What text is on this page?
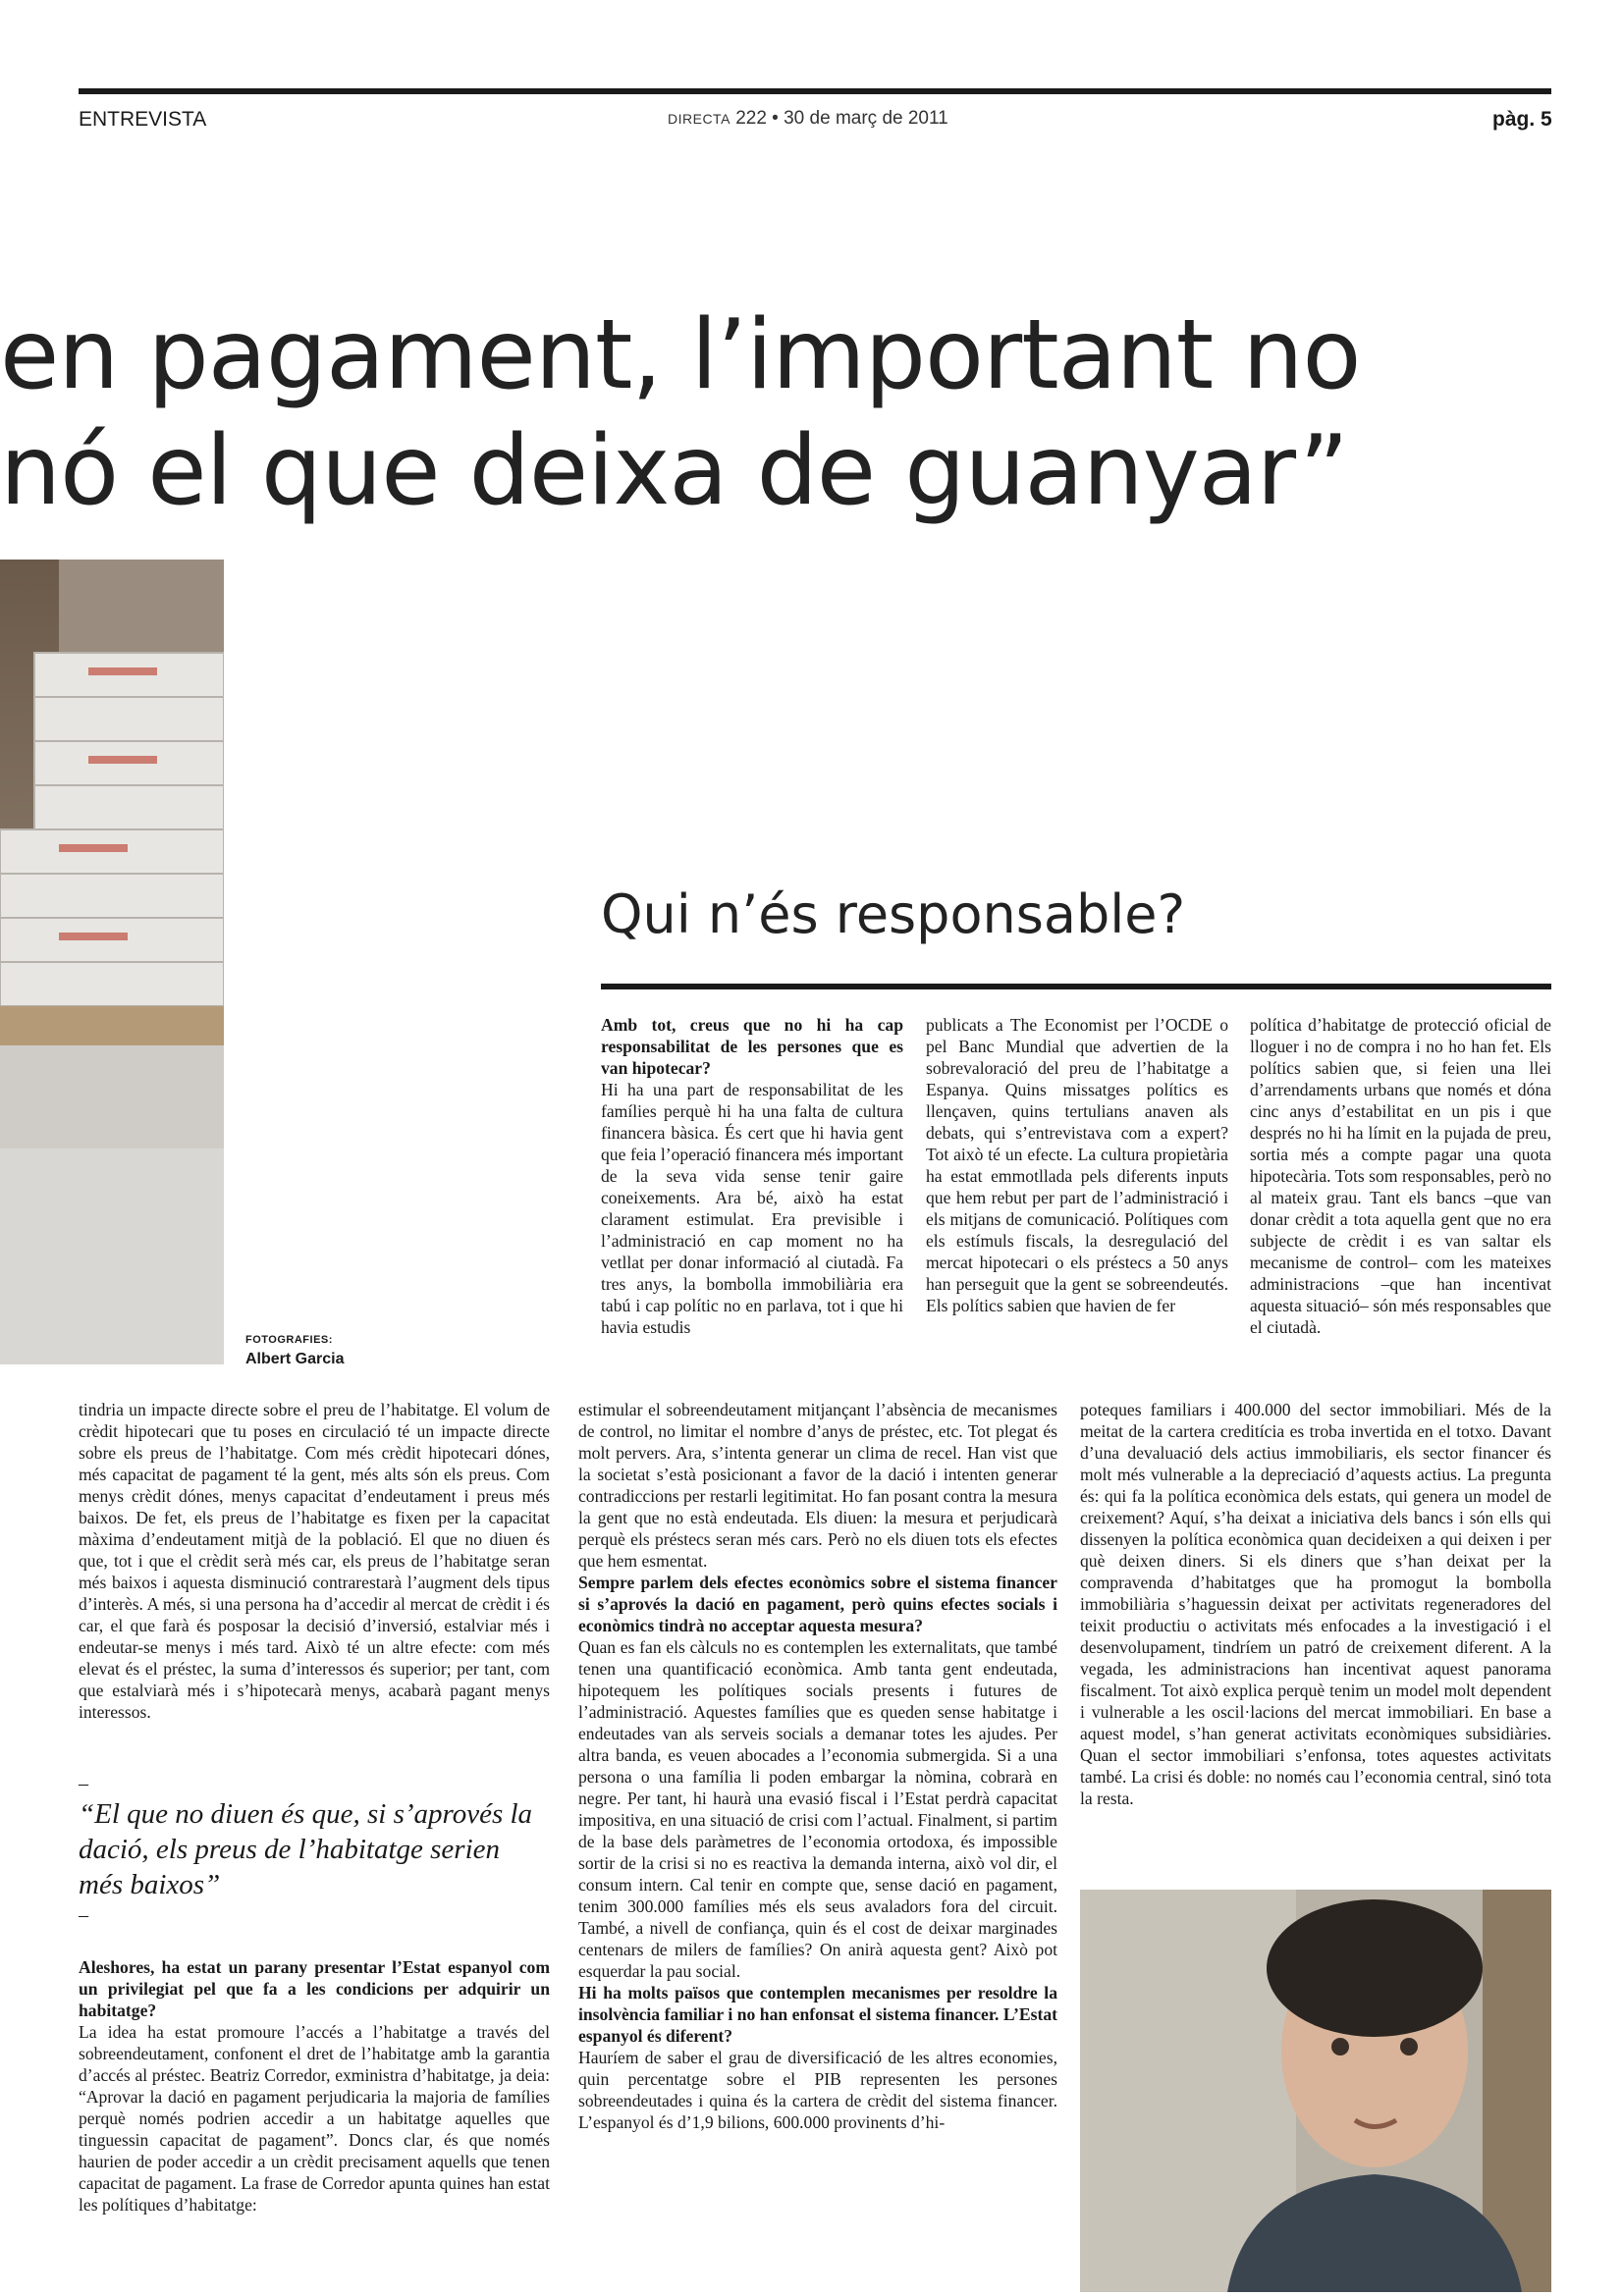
ENTREVISTA	DIRECTA 222 • 30 de març de 2011	pàg. 5
en pagament, l’important no
nó el que deixa de guanyar”
FOTOGRAFIES:
Albert Garcia
Qui n’és responsable?

Amb tot, creus que no hi ha cap responsabilitat de les persones que es van hipotecar?

Hi ha una part de responsabilitat de les famílies perquè hi ha una falta de cultura financera bàsica. És cert que hi havia gent que feia l’operació financera més important de la seva vida sense tenir gaire coneixements. Ara bé, això ha estat clarament estimulat. Era previsible i l’administració en cap moment no ha vetllat per donar informació al ciutadà. Fa tres anys, la bombolla immobiliària era tabú i cap polític no en parlava, tot i que hi havia estudis

publicats a The Economist per l’OCDE o pel Banc Mundial que advertien de la sobrevaloració del preu de l’habitatge a Espanya. Quins missatges polítics es llençaven, quins tertulians anaven als debats, qui s’entrevistava com a expert? Tot això té un efecte. La cultura propietària ha estat emmotllada pels diferents inputs que hem rebut per part de l’administració i els mitjans de comunicació. Polítiques com els estímuls fiscals, la desregulació del mercat hipotecari o els préstecs a 50 anys han perseguit que la gent se sobreendeutés. Els polítics sabien que havien de fer

política d’habitatge de protecció oficial de lloguer i no de compra i no ho han fet. Els polítics sabien que, si feien una llei d’arrendaments urbans que només et dóna cinc anys d’estabilitat en un pis i que després no hi ha límit en la pujada de preu, sortia més a compte pagar una quota hipotecària. Tots som responsables, però no al mateix grau. Tant els bancs –que van donar crèdit a tota aquella gent que no era subjecte de crèdit i es van saltar els mecanisme de control– com les mateixes administracions –que han incentivat aquesta situació– són més responsables que el ciutadà.

tindria un impacte directe sobre el preu de l’habitatge. El volum de crèdit hipotecari que tu poses en circulació té un impacte directe sobre els preus de l’habitatge. Com més crèdit hipotecari dónes, més capacitat de pagament té la gent, més alts són els preus. Com menys crèdit dónes, menys capacitat d’endeutament i preus més baixos. De fet, els preus de l’habitatge es fixen per la capacitat màxima d’endeutament mitjà de la població. El que no diuen és que, tot i que el crèdit serà més car, els preus de l’habitatge seran més baixos i aquesta disminució contrarestarà l’augment dels tipus d’interès. A més, si una persona ha d’accedir al mercat de crèdit i és car, el que farà és posposar la decisió d’inversió, estalviar més i endeutar-se menys i més tard. Això té un altre efecte: com més elevat és el préstec, la suma d’interessos és superior; per tant, com que estalviarà més i s’hipotecarà menys, acabarà pagant menys interessos.

–
“El que no diuen és que, si s’aprovés la dació, els preus de l’habitatge serien més baixos”
–

Aleshores, ha estat un parany presentar l’Estat espanyol com un privilegiat pel que fa a les condicions per adquirir un habitatge?

La idea ha estat promoure l’accés a l’habitatge a través del sobreendeutament, confonent el dret de l’habitatge amb la garantia d’accés al préstec. Beatriz Corredor, exministra d’habitatge, ja deia: “Aprovar la dació en pagament perjudicaria la majoria de famílies perquè només podrien accedir a un habitatge aquelles que tinguessin capacitat de pagament”. Doncs clar, és que només haurien de poder accedir a un crèdit precisament aquells que tenen capacitat de pagament. La frase de Corredor apunta quines han estat les polítiques d’habitatge:

estimular el sobreendeutament mitjançant l’absència de mecanismes de control, no limitar el nombre d’anys de préstec, etc. Tot plegat és molt pervers. Ara, s’intenta generar un clima de recel. Han vist que la societat s’està posicionant a favor de la dació i intenten generar contradiccions per restarli legitimitat. Ho fan posant contra la mesura la gent que no està endeutada. Els diuen: la mesura et perjudicarà perquè els préstecs seran més cars. Però no els diuen tots els efectes que hem esmentat.

Sempre parlem dels efectes econòmics sobre el sistema financer si s’aprovés la dació en pagament, però quins efectes socials i econòmics tindrà no acceptar aquesta mesura?

Quan es fan els càlculs no es contemplen les externalitats, que també tenen una quantificació econòmica. Amb tanta gent endeutada, hipotequem les polítiques socials presents i futures de l’administració. Aquestes famílies que es queden sense habitatge i endeutades van als serveis socials a demanar totes les ajudes. Per altra banda, es veuen abocades a l’economia submergida. Si a una persona o una família li poden embargar la nòmina, cobrarà en negre. Per tant, hi haurà una evasió fiscal i l’Estat perdrà capacitat impositiva, en una situació de crisi com l’actual. Finalment, si partim de la base dels paràmetres de l’economia ortodoxa, és impossible sortir de la crisi si no es reactiva la demanda interna, això vol dir, el consum intern. Cal tenir en compte que, sense dació en pagament, tenim 300.000 famílies més els seus avaladors fora del circuit. També, a nivell de confiança, quin és el cost de deixar marginades centenars de milers de famílies? On anirà aquesta gent? Això pot esquerdar la pau social.

Hi ha molts països que contemplen mecanismes per resoldre la insolvència familiar i no han enfonsat el sistema financer. L’Estat espanyol és diferent?

Hauríem de saber el grau de diversificació de les altres economies, quin percentatge sobre el PIB representen les persones sobreendeutades i quina és la cartera de crèdit del sistema financer. L’espanyol és d’1,9 bilions, 600.000 provinents d’hi-

poteques familiars i 400.000 del sector immobiliari. Més de la meitat de la cartera creditícia es troba invertida en el totxo. Davant d’una devaluació dels actius immobiliaris, els sector financer és molt més vulnerable a la depreciació d’aquests actius. La pregunta és: qui fa la política econòmica dels estats, qui genera un model de creixement? Aquí, s’ha deixat a iniciativa dels bancs i són ells qui dissenyen la política econòmica quan decideixen a qui deixen i per què deixen diners. Si els diners que s’han deixat per la compravenda d’habitatges que ha promogut la bombolla immobiliària s’haguessin deixat per activitats regeneradores del teixit productiu o activitats més enfocades a la investigació i el desenvolupament, tindríem un patró de creixement diferent. A la vegada, les administracions han incentivat aquest panorama fiscalment. Tot això explica perquè tenim un model molt dependent i vulnerable a les oscil·lacions del mercat immobiliari. En base a aquest model, s’han generat activitats econòmiques subsidiàries. Quan el sector immobiliari s’enfonsa, totes aquestes activitats també. La crisi és doble: no només cau l’economia central, sinó tota la resta.
